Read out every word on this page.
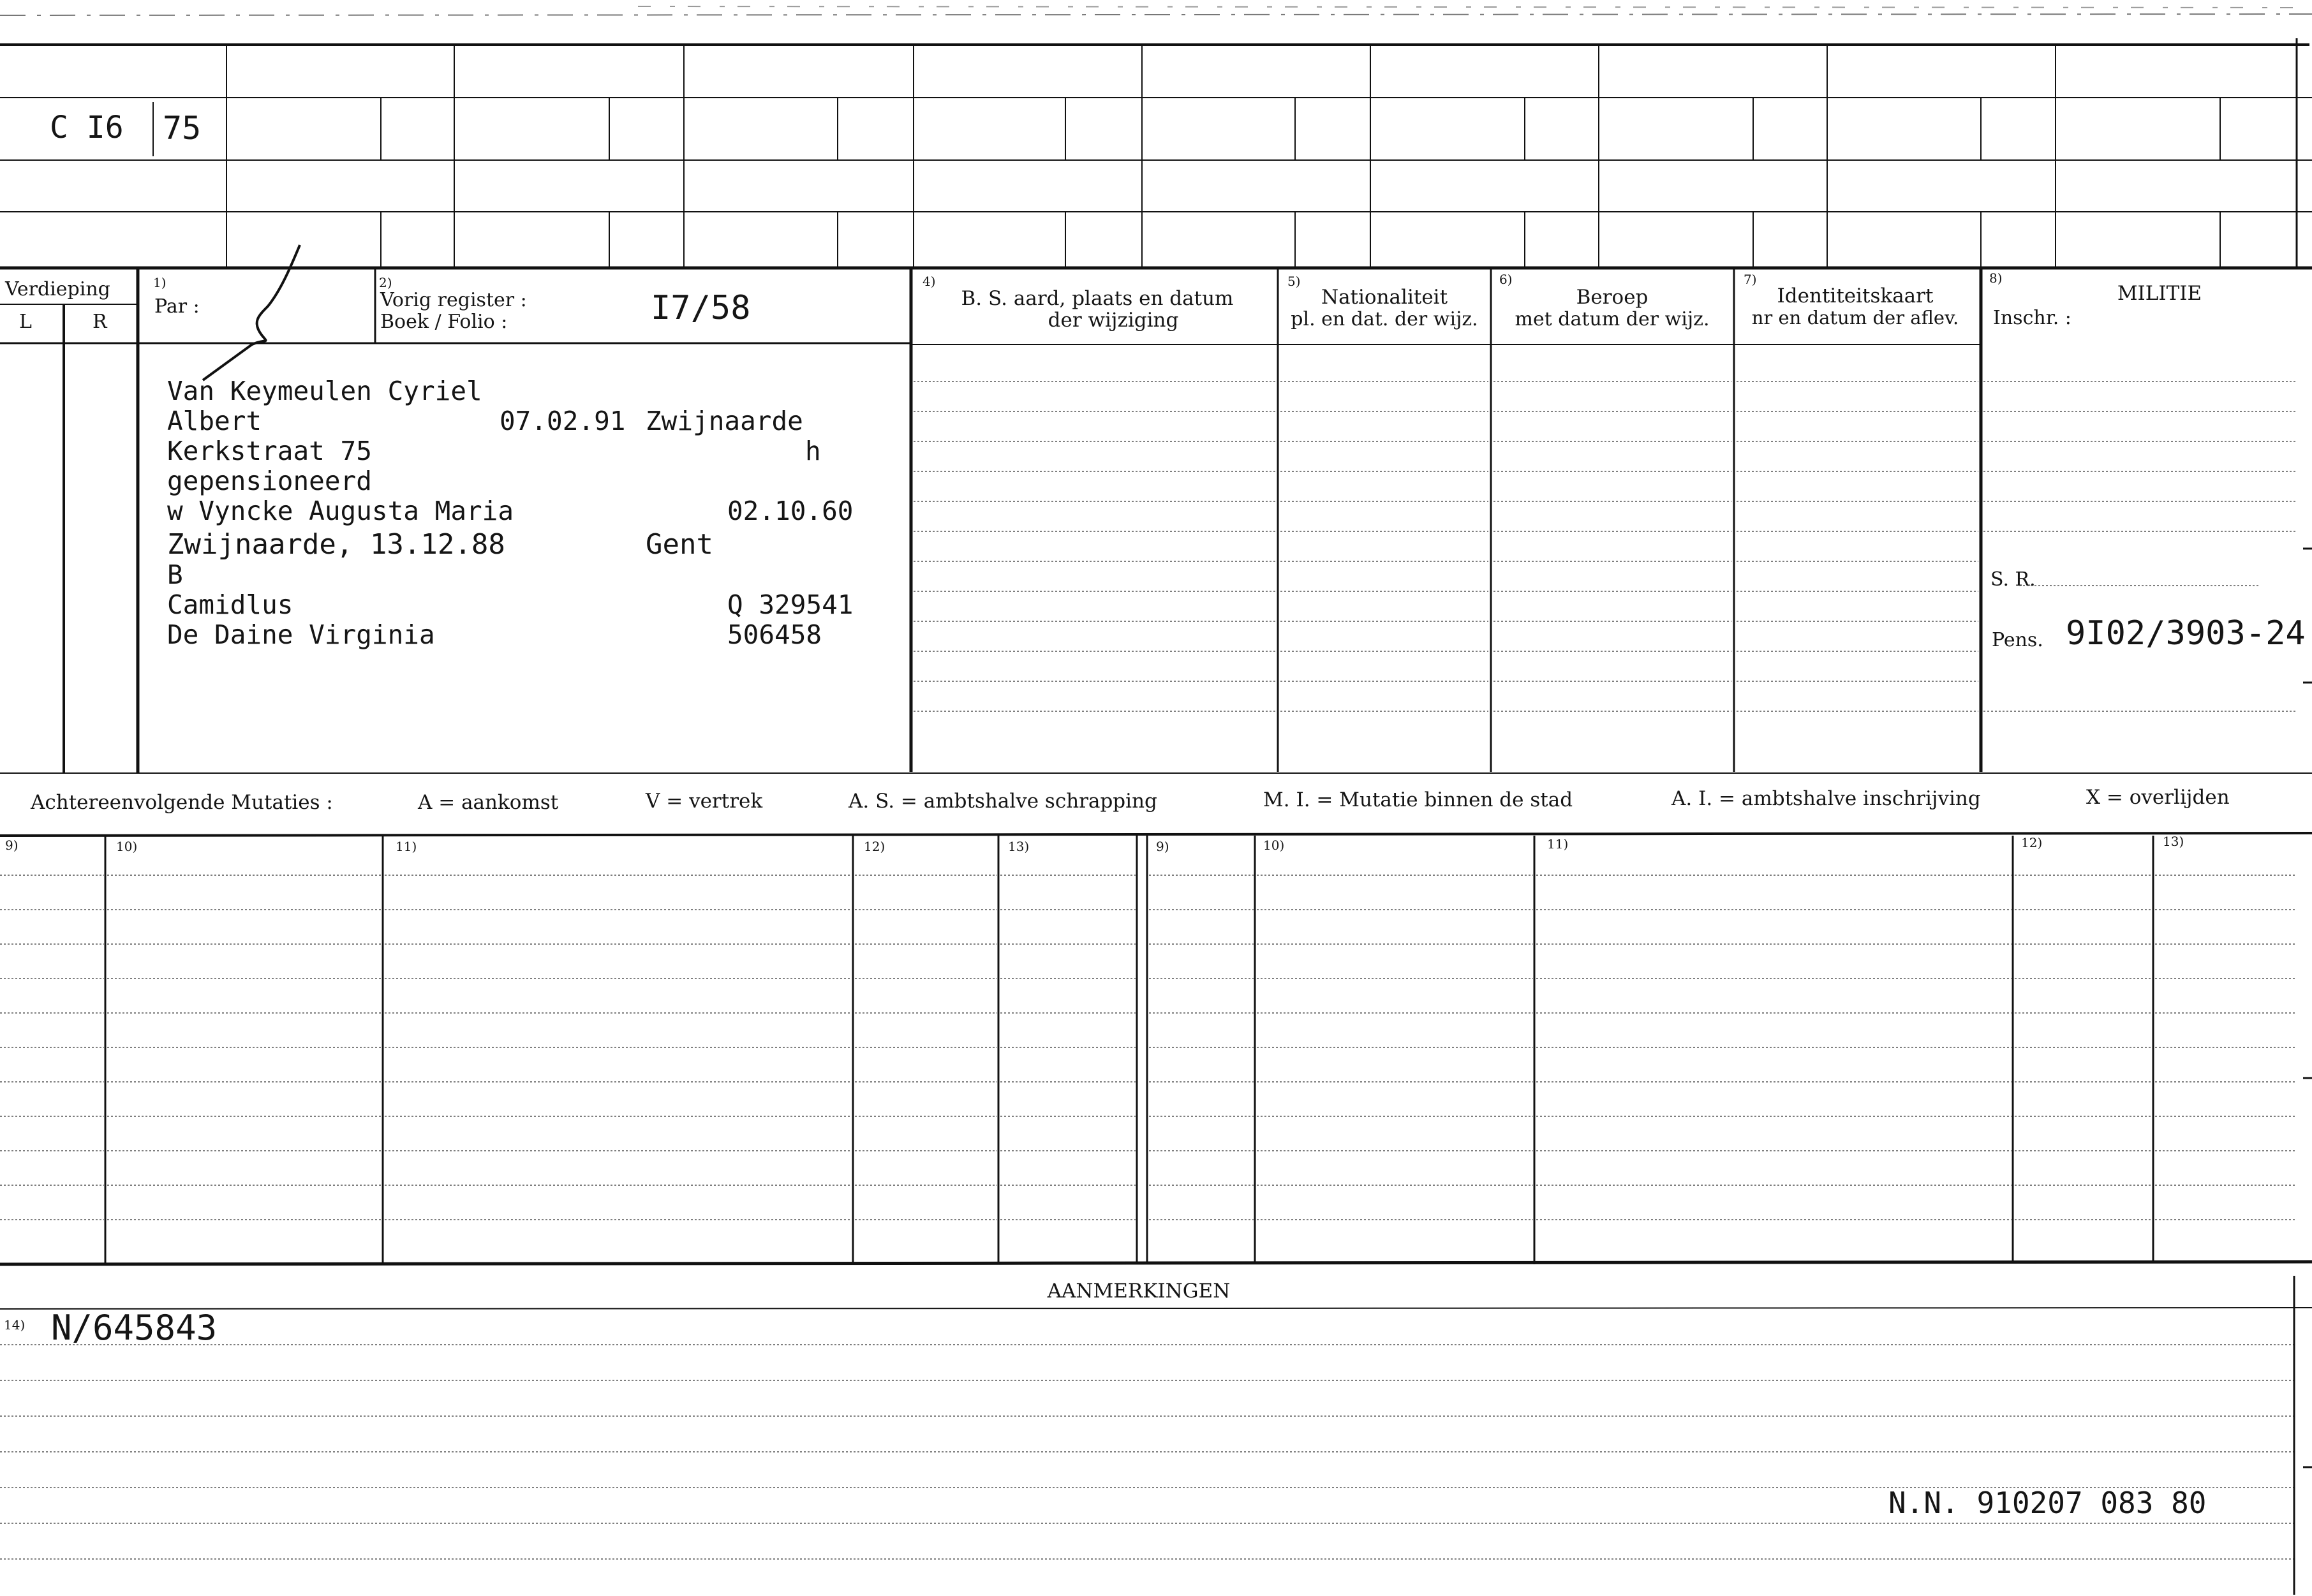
C I6 75
Verdieping
L	R
1)
Par :
2)
Vorig register :
Boek / Folio :	I7/58
4)
B. S. aard, plaats en datum
der wijziging
5)
Nationaliteit
pl. en dat. der wijz.
6)
Beroep
met datum der wijz.
7)
Identiteitskaart
nr en datum der aflev.
8)
MILITIE
Inschr. :
Van Keymeulen Cyriel
Albert	07.02.91 Zwijnaarde
Kerkstraat 75	h
gepensioneerd
w Vyncke Augusta Maria	02.10.60
Zwijnaarde, 13.12.88	Gent
B
Camidlus	Q 329541
De Daine Virginia	506458
S. R.
Pens. 9I02/3903-24
Achtereenvolgende Mutaties :	A = aankomst	V = vertrek	A. S. = ambtshalve schrapping	M. I. = Mutatie binnen de stad	A. I. = ambtshalve inschrijving	X = overlijden
9)	10)	11)	12)	13)	9)	10)	11)	12)	13)
AANMERKINGEN
14) N/645843
N.N. 910207 083 80
